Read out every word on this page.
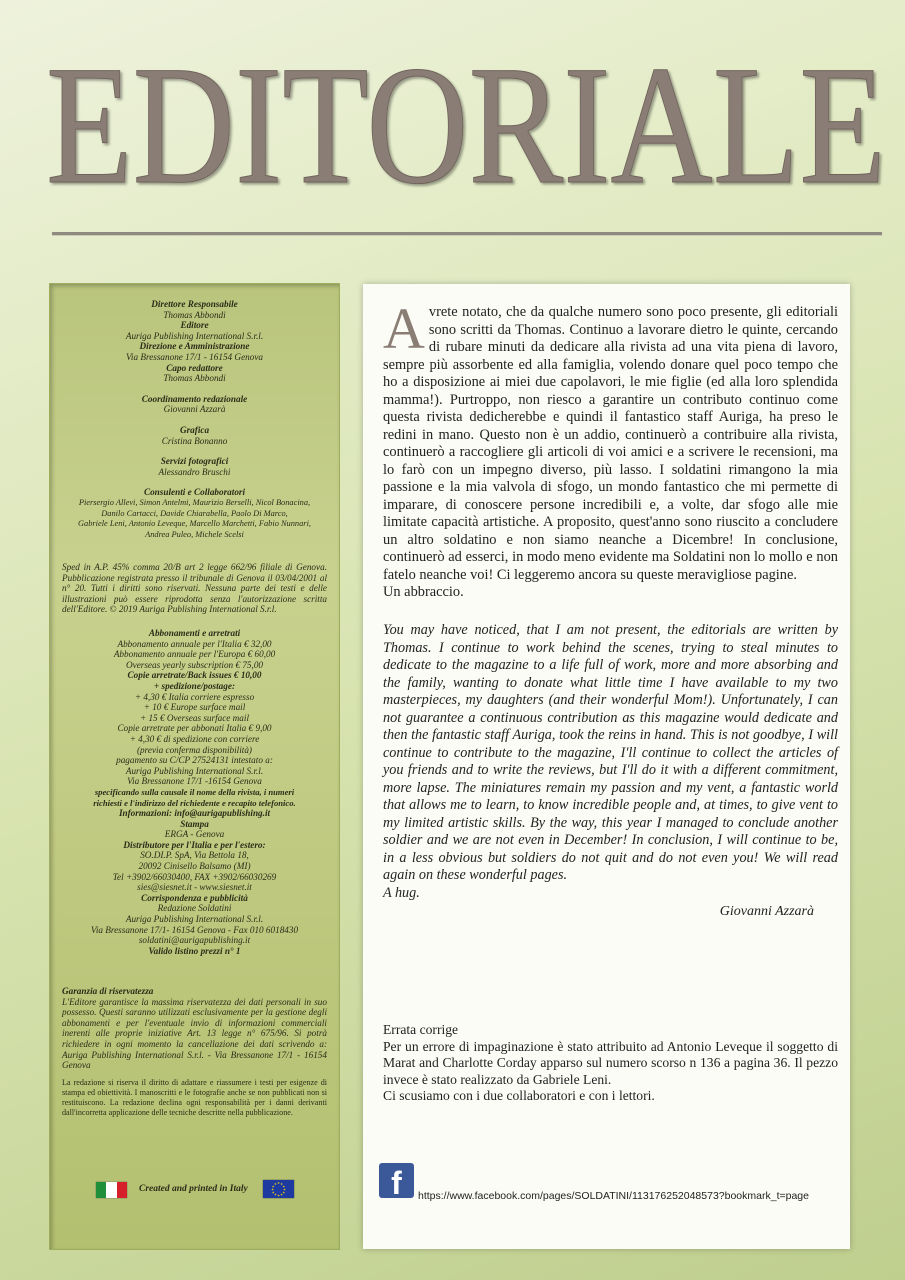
EDITORIALE
Direttore Responsabile
Thomas Abbondi
Editore
Auriga Publishing International S.r.l.
Direzione e Amministrazione
Via Bressanone 17/1 - 16154 Genova
Capo redattore
Thomas Abbondi
Coordinamento redazionale
Giovanni Azzarà
Grafica
Cristina Bonanno
Servizi fotografici
Alessandro Bruschi
Consulenti e Collaboratori
Piersergio Allevi, Simon Antelmi, Maurizio Berselli, Nicol Bonacina,
Danilo Cartacci, Davide Chiarabella, Paolo Di Marco,
Gabriele Leni, Antonio Leveque, Marcello Marchetti, Fabio Nunnari,
Andrea Puleo, Michele Scelsi
Sped in A.P. 45% comma 20/B art 2 legge 662/96 filiale di Genova. Pubblicazione registrata presso il tribunale di Genova il 03/04/2001 al n° 20. Tutti i diritti sono riservati. Nessuna parte dei testi e delle illustrazioni può essere riprodotta senza l'autorizzazione scritta dell'Editore. © 2019 Auriga Publishing International S.r.l.
Abbonamenti e arretrati
Abbonamento annuale per l'Italia € 32,00
Abbonamento annuale per l'Europa € 60,00
Overseas yearly subscription € 75,00
Copie arretrate/Back issues € 10,00
+ spedizione/postage:
+ 4,30 € Italia corriere espresso
+ 10 € Europe surface mail
+ 15 € Overseas surface mail
Copie arretrate per abbonati Italia € 9,00
+ 4,30 € di spedizione con corriere
(previa conferma disponibilità)
pagamento su C/CP 27524131 intestato a:
Auriga Publishing International S.r.l.
Via Bressanone 17/1 -16154 Genova
specificando sulla causale il nome della rivista, i numeri
richiesti e l'indirizzo del richiedente e recapito telefonico.
Informazioni: info@aurigapublishing.it
Stampa
ERGA - Genova
Distributore per l'Italia e per l'estero:
SO.DI.P. SpA, Via Bettola 18,
20092 Cinisello Balsamo (MI)
Tel +3902/66030400, FAX +3902/66030269
sies@siesnet.it - www.siesnet.it
Corrispondenza e pubblicità
Redazione Soldatini
Auriga Publishing International S.r.l.
Via Bressanone 17/1- 16154 Genova - Fax 010 6018430
soldatini@aurigapublishing.it
Valido listino prezzi n° 1
Garanzia di riservatezza
L'Editore garantisce la massima riservatezza dei dati personali in suo possesso. Questi saranno utilizzati esclusivamente per la gestione degli abbonamenti e per l'eventuale invio di informazioni commerciali inerenti alle proprie iniziative Art. 13 legge n° 675/96. Si potrà richiedere in ogni momento la cancellazione dei dati scrivendo a: Auriga Publishing International S.r.l. - Via Bressanone 17/1 - 16154 Genova
La redazione si riserva il diritto di adattare e riassumere i testi per esigenze di stampa ed obiettività. I manoscritti e le fotografie anche se non pubblicati non si restituiscono. La redazione declina ogni responsabilità per i danni derivanti dall'incorretta applicazione delle tecniche descritte nella pubblicazione.
Created and printed in Italy
★ ★
★
★
★
★
★
★
★
★
★
★
Avrete notato, che da qualche numero sono poco presente, gli editoriali sono scritti da Thomas. Continuo a lavorare dietro le quinte, cercando di rubare minuti da dedicare alla rivista ad una vita piena di lavoro, sempre più assorbente ed alla famiglia, volendo donare quel poco tempo che ho a disposizione ai miei due capolavori, le mie figlie (ed alla loro splendida mamma!). Purtroppo, non riesco a garantire un contributo continuo come questa rivista dedicherebbe e quindi il fantastico staff Auriga, ha preso le redini in mano. Questo non è un addio, continuerò a contribuire alla rivista, continuerò a raccogliere gli articoli di voi amici e a scrivere le recensioni, ma lo farò con un impegno diverso, più lasso. I soldatini rimangono la mia passione e la mia valvola di sfogo, un mondo fantastico che mi permette di imparare, di conoscere persone incredibili e, a volte, dar sfogo alle mie limitate capacità artistiche. A proposito, quest'anno sono riuscito a concludere un altro soldatino e non siamo neanche a Dicembre! In conclusione, continuerò ad esserci, in modo meno evidente ma Soldatini non lo mollo e non fatelo neanche voi! Ci leggeremo ancora su queste meravigliose pagine.
Un abbraccio.
You may have noticed, that I am not present, the editorials are written by Thomas. I continue to work behind the scenes, trying to steal minutes to dedicate to the magazine to a life full of work, more and more absorbing and the family, wanting to donate what little time I have available to my two masterpieces, my daughters (and their wonderful Mom!). Unfortunately, I can not guarantee a continuous contribution as this magazine would dedicate and then the fantastic staff Auriga, took the reins in hand. This is not goodbye, I will continue to contribute to the magazine, I'll continue to collect the articles of you friends and to write the reviews, but I'll do it with a different commitment, more lapse. The miniatures remain my passion and my vent, a fantastic world that allows me to learn, to know incredible people and, at times, to give vent to my limited artistic skills. By the way, this year I managed to conclude another soldier and we are not even in December! In conclusion, I will continue to be, in a less obvious but soldiers do not quit and do not even you! We will read again on these wonderful pages.
A hug.
Giovanni Azzarà
Errata corrige
Per un errore di impaginazione è stato attribuito ad Antonio Leveque il soggetto di Marat and Charlotte Corday apparso sul numero scorso n 136 a pagina 36. Il pezzo invece è stato realizzato da Gabriele Leni.
Ci scusiamo con i due collaboratori e con i lettori.
f	https://www.facebook.com/pages/SOLDATINI/113176252048573?bookmark_t=page
